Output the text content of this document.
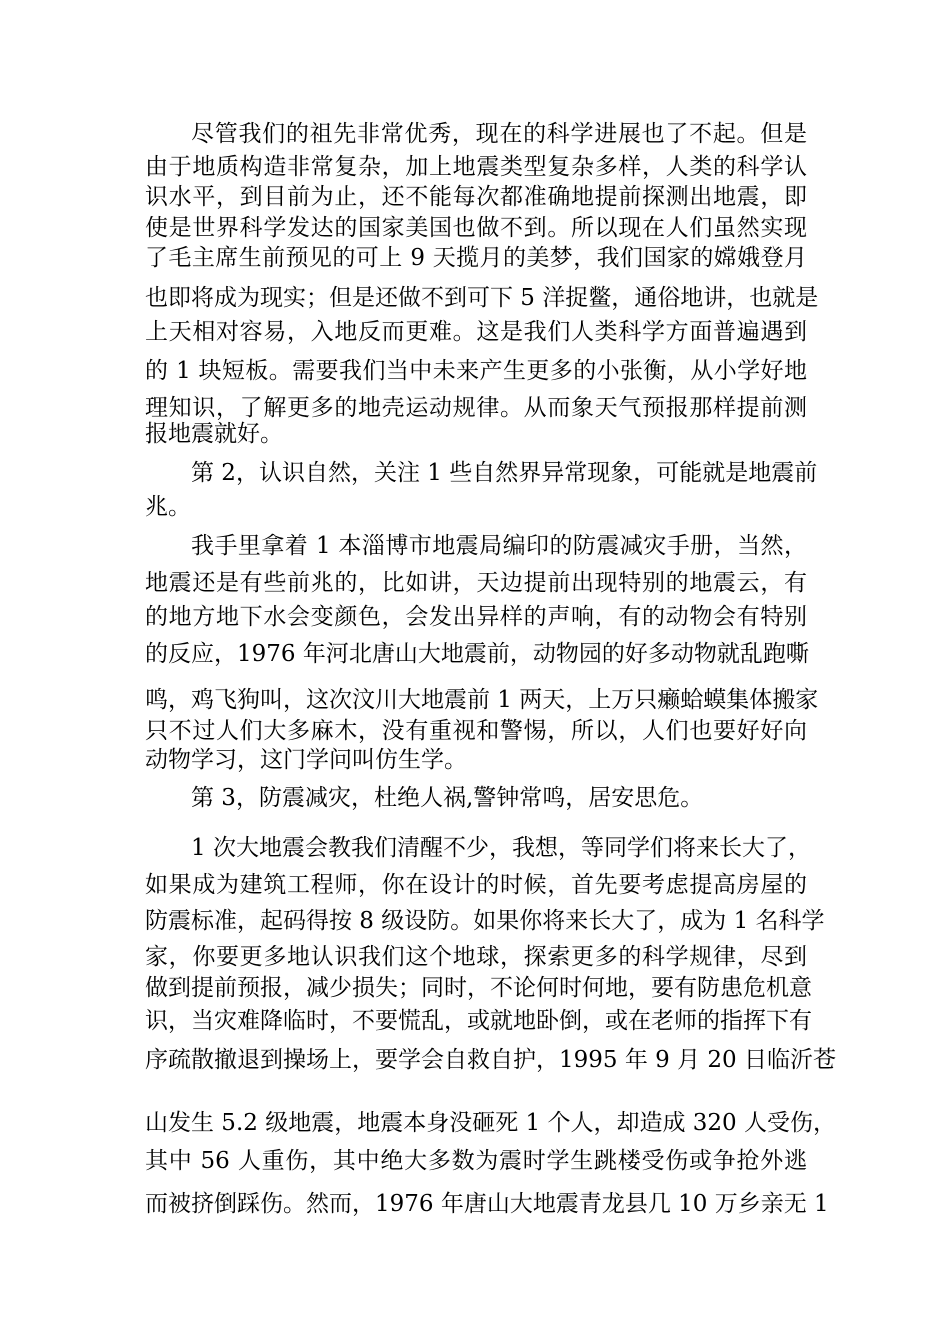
尽管我们的祖先非常优秀，现在的科学进展也了不起。但是
由于地质构造非常复杂，加上地震类型复杂多样，人类的科学认
识水平，到目前为止，还不能每次都准确地提前探测出地震，即
使是世界科学发达的国家美国也做不到。所以现在人们虽然实现
了毛主席生前预见的可上 9 天揽月的美梦，我们国家的嫦娥登月
也即将成为现实；但是还做不到可下 5 洋捉鳖，通俗地讲，也就是
上天相对容易，入地反而更难。这是我们人类科学方面普遍遇到
的 1 块短板。需要我们当中未来产生更多的小张衡，从小学好地
理知识，了解更多的地壳运动规律。从而象天气预报那样提前测
报地震就好。
第 2，认识自然，关注 1 些自然界异常现象，可能就是地震前
兆。
我手里拿着 1 本淄博市地震局编印的防震减灾手册，当然，
地震还是有些前兆的，比如讲，天边提前出现特别的地震云，有
的地方地下水会变颜色，会发出异样的声响，有的动物会有特别
的反应，1976 年河北唐山大地震前，动物园的好多动物就乱跑嘶
鸣，鸡飞狗叫，这次汶川大地震前 1 两天，上万只癞蛤蟆集体搬家
只不过人们大多麻木，没有重视和警惕，所以，人们也要好好向
动物学习，这门学问叫仿生学。
第 3，防震减灾，杜绝人祸,警钟常鸣，居安思危。
1 次大地震会教我们清醒不少，我想，等同学们将来长大了，
如果成为建筑工程师，你在设计的时候，首先要考虑提高房屋的
防震标准，起码得按 8 级设防。如果你将来长大了，成为 1 名科学
家，你要更多地认识我们这个地球，探索更多的科学规律，尽到
做到提前预报，减少损失；同时，不论何时何地，要有防患危机意
识，当灾难降临时，不要慌乱，或就地卧倒，或在老师的指挥下有
序疏散撤退到操场上，要学会自救自护，1995 年 9 月 20 日临沂苍
山发生 5.2 级地震，地震本身没砸死 1 个人，却造成 320 人受伤，
其中 56 人重伤，其中绝大多数为震时学生跳楼受伤或争抢外逃
而被挤倒踩伤。然而，1976 年唐山大地震青龙县几 10 万乡亲无 1
